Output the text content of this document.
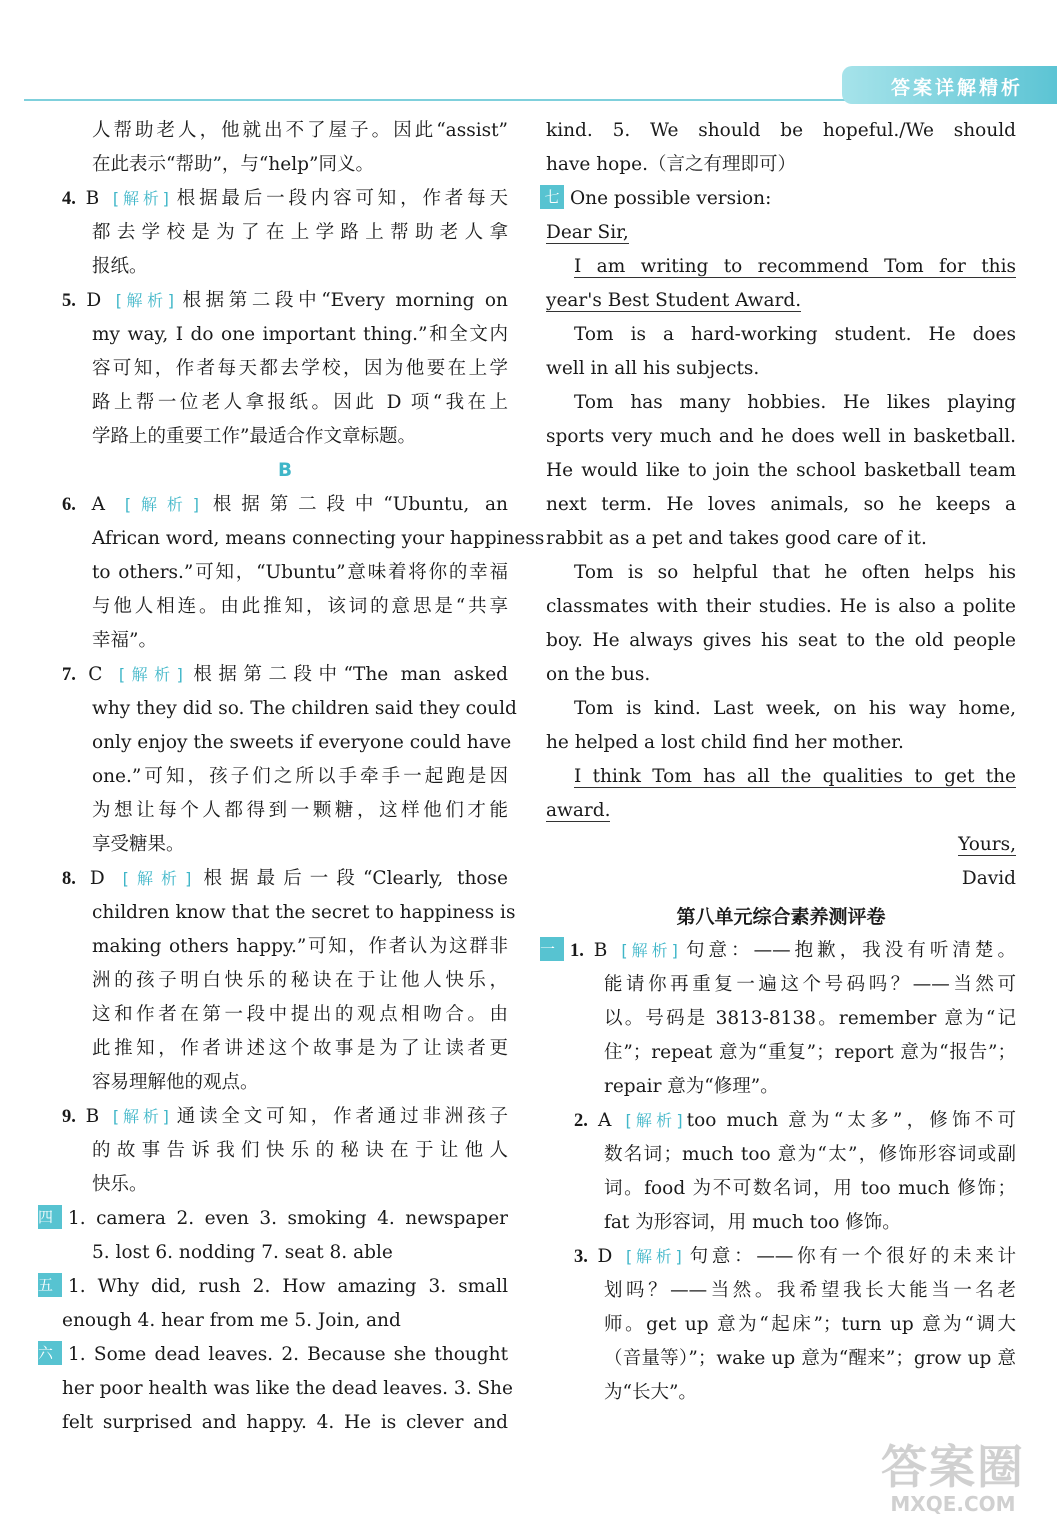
答案详解精析
人帮助老人，他就出不了屋子。因此“assist”
在此表示“帮助”，与“help”同义。
4. B [解析] 根据最后一段内容可知，作者每天
都去学校是为了在上学路上帮助老人拿
报纸。
5. D [解析] 根据第二段中“Every morning on
my way, I do one important thing.”和全文内
容可知，作者每天都去学校，因为他要在上学
路上帮一位老人拿报纸。因此 D 项“我在上
学路上的重要工作”最适合作文章标题。
B
6. A [解析] 根据第二段中“Ubuntu, an
African word, means connecting your happiness
to others.”可知，“Ubuntu”意味着将你的幸福
与他人相连。由此推知，该词的意思是“共享
幸福”。
7. C [解析] 根据第二段中“The man asked
why they did so. The children said they could
only enjoy the sweets if everyone could have
one.”可知，孩子们之所以手牵手一起跑是因
为想让每个人都得到一颗糖，这样他们才能
享受糖果。
8. D [解析] 根据最后一段“Clearly, those
children know that the secret to happiness is
making others happy.”可知，作者认为这群非
洲的孩子明白快乐的秘诀在于让他人快乐，
这和作者在第一段中提出的观点相吻合。由
此推知，作者讲述这个故事是为了让读者更
容易理解他的观点。
9. B [解析] 通读全文可知，作者通过非洲孩子
的故事告诉我们快乐的秘诀在于让他人
快乐。
四 1. camera 2. even 3. smoking 4. newspaper
5. lost 6. nodding 7. seat 8. able
五 1. Why did, rush 2. How amazing 3. small
enough 4. hear from me 5. Join, and
六 1. Some dead leaves. 2. Because she thought
her poor health was like the dead leaves. 3. She
felt surprised and happy. 4. He is clever and
kind. 5. We should be hopeful./We should
have hope.（言之有理即可）
七 One possible version:
Dear Sir,
I am writing to recommend Tom for this
year's Best Student Award.
Tom is a hard-working student. He does
well in all his subjects.
Tom has many hobbies. He likes playing
sports very much and he does well in basketball.
He would like to join the school basketball team
next term. He loves animals, so he keeps a
rabbit as a pet and takes good care of it.
Tom is so helpful that he often helps his
classmates with their studies. He is also a polite
boy. He always gives his seat to the old people
on the bus.
Tom is kind. Last week, on his way home,
he helped a lost child find her mother.
I think Tom has all the qualities to get the
award.
Yours,
David
第八单元综合素养测评卷
一 1. B [解析] 句意：——抱歉，我没有听清楚。
能请你再重复一遍这个号码吗？——当然可
以。号码是 3813-8138。remember 意为“记
住”；repeat 意为“重复”；report 意为“报告”；
repair 意为“修理”。
2. A [解析] too much 意为“太多”，修饰不可
数名词；much too 意为“太”，修饰形容词或副
词。food 为不可数名词，用 too much 修饰；
fat 为形容词，用 much too 修饰。
3. D [解析] 句意：——你有一个很好的未来计
划吗？——当然。我希望我长大能当一名老
师。get up 意为“起床”；turn up 意为“调大
（音量等）”；wake up 意为“醒来”；grow up 意
为“长大”。
答案圈
MXQE.COM
